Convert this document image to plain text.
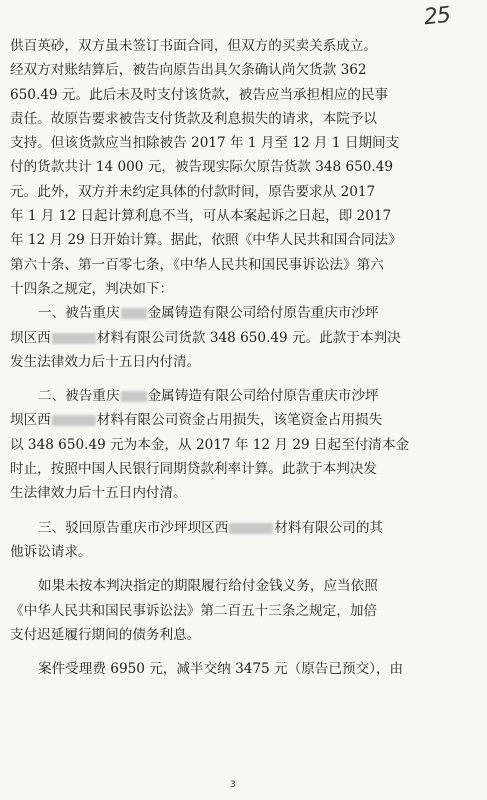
25
供百英砂，双方虽未签订书面合同，但双方的买卖关系成立。
经双方对账结算后，被告向原告出具欠条确认尚欠货款 362
650.49 元。此后未及时支付该货款，被告应当承担相应的民事
责任。故原告要求被告支付货款及利息损失的请求，本院予以
支持。但该货款应当扣除被告 2017 年 1 月至 12 月 1 日期间支
付的货款共计 14 000 元，被告现实际欠原告货款 348 650.49
元。此外，双方并未约定具体的付款时间，原告要求从 2017
年 1 月 12 日起计算利息不当，可从本案起诉之日起，即 2017
年 12 月 29 日开始计算。据此，依照《中华人民共和国合同法》
第六十条、第一百零七条，《中华人民共和国民事诉讼法》第六
十四条之规定，判决如下：
一、被告重庆 金属铸造有限公司给付原告重庆市沙坪
坝区西	材料有限公司货款 348 650.49 元。此款于本判决
发生法律效力后十五日内付清。
二、被告重庆 金属铸造有限公司给付原告重庆市沙坪
坝区西	材料有限公司资金占用损失，该笔资金占用损失
以 348 650.49 元为本金，从 2017 年 12 月 29 日起至付清本金
时止，按照中国人民银行同期贷款利率计算。此款于本判决发
生法律效力后十五日内付清。
三、驳回原告重庆市沙坪坝区西	材料有限公司的其
他诉讼请求。
如果未按本判决指定的期限履行给付金钱义务，应当依照
《中华人民共和国民事诉讼法》第二百五十三条之规定，加倍
支付迟延履行期间的债务利息。
案件受理费 6950 元，减半交纳 3475 元（原告已预交），由
3
